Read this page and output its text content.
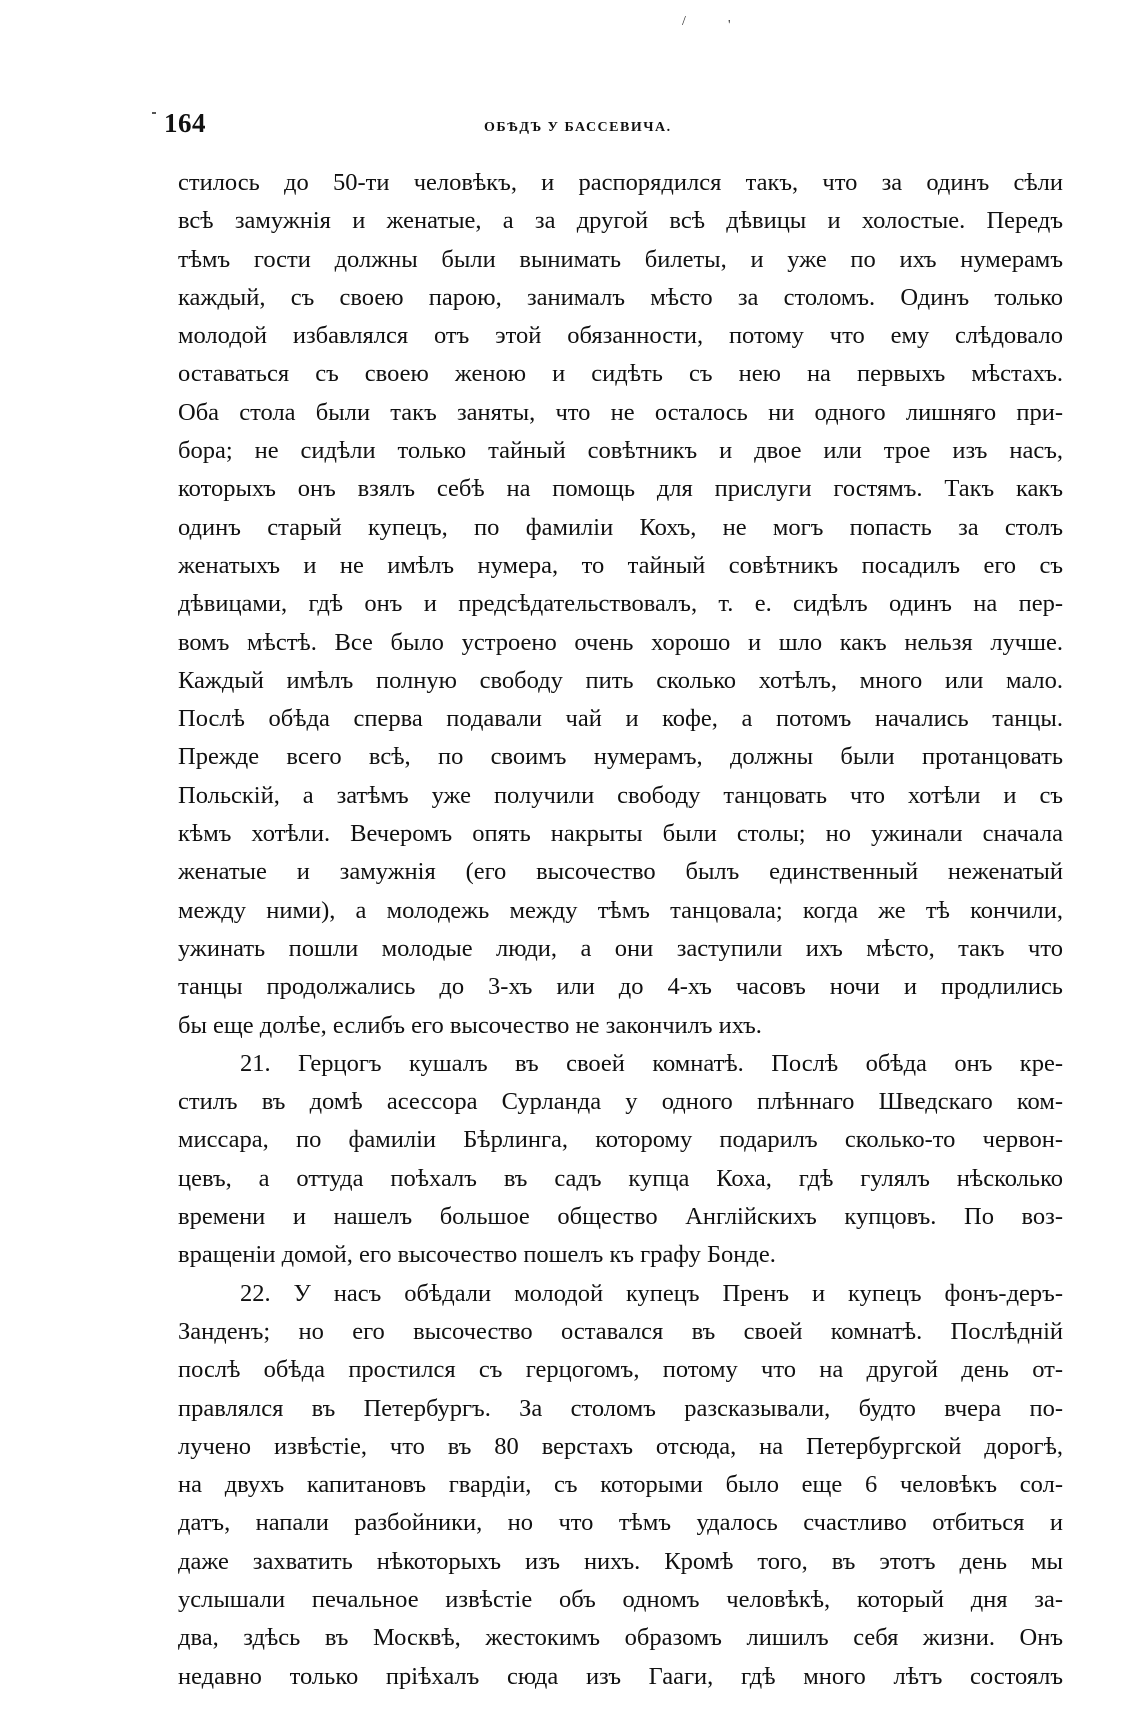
/	'
164	ОБѢДЪ У БАССЕВИЧА.
стилось до 50-ти человѣкъ, и распорядился такъ, что за одинъ сѣли
всѣ замужнія и женатые, а за другой всѣ дѣвицы и холостые. Передъ
тѣмъ гости должны были вынимать билеты, и уже по ихъ нумерамъ
каждый, съ своею парою, занималъ мѣсто за столомъ. Одинъ только
молодой избавлялся отъ этой обязанности, потому что ему слѣдовало
оставаться съ своею женою и сидѣть съ нею на первыхъ мѣстахъ.
Оба стола были такъ заняты, что не осталось ни одного лишняго при-
бора; не сидѣли только тайный совѣтникъ и двое или трое изъ насъ,
которыхъ онъ взялъ себѣ на помощь для прислуги гостямъ. Такъ какъ
одинъ старый купецъ, по фамиліи Кохъ, не могъ попасть за столъ
женатыхъ и не имѣлъ нумера, то тайный совѣтникъ посадилъ его съ
дѣвицами, гдѣ онъ и предсѣдательствовалъ, т. е. сидѣлъ одинъ на пер-
вомъ мѣстѣ. Все было устроено очень хорошо и шло какъ нельзя лучше.
Каждый имѣлъ полную свободу пить сколько хотѣлъ, много или мало.
Послѣ обѣда сперва подавали чай и кофе, а потомъ начались танцы.
Прежде всего всѣ, по своимъ нумерамъ, должны были протанцовать
Польскій, а затѣмъ уже получили свободу танцовать что хотѣли и съ
кѣмъ хотѣли. Вечеромъ опять накрыты были столы; но ужинали сначала
женатые и замужнія (его высочество былъ единственный неженатый
между ними), а молодежь между тѣмъ танцовала; когда же тѣ кончили,
ужинать пошли молодые люди, а они заступили ихъ мѣсто, такъ что
танцы продолжались до 3-хъ или до 4-хъ часовъ ночи и продлились
бы еще долѣе, еслибъ его высочество не закончилъ ихъ.
21. Герцогъ кушалъ въ своей комнатѣ. Послѣ обѣда онъ кре-
стилъ въ домѣ асессора Сурланда у одного плѣннаго Шведскаго ком-
миссара, по фамиліи Бѣрлинга, которому подарилъ сколько-то червон-
цевъ, а оттуда поѣхалъ въ садъ купца Коха, гдѣ гулялъ нѣсколько
времени и нашелъ большое общество Англійскихъ купцовъ. По воз-
вращеніи домой, его высочество пошелъ къ графу Бонде.
22. У насъ обѣдали молодой купецъ Пренъ и купецъ фонъ-деръ-
Занденъ; но его высочество оставался въ своей комнатѣ. Послѣдній
послѣ обѣда простился съ герцогомъ, потому что на другой день от-
правлялся въ Петербургъ. За столомъ разсказывали, будто вчера по-
лучено извѣстіе, что въ 80 верстахъ отсюда, на Петербургской дорогѣ,
на двухъ капитановъ гвардіи, съ которыми было еще 6 человѣкъ сол-
датъ, напали разбойники, но что тѣмъ удалось счастливо отбиться и
даже захватить нѣкоторыхъ изъ нихъ. Кромѣ того, въ этотъ день мы
услышали печальное извѣстіе объ одномъ человѣкѣ, который дня за-
два, здѣсь въ Москвѣ, жестокимъ образомъ лишилъ себя жизни. Онъ
недавно только пріѣхалъ сюда изъ Гааги, гдѣ много лѣтъ состоялъ
